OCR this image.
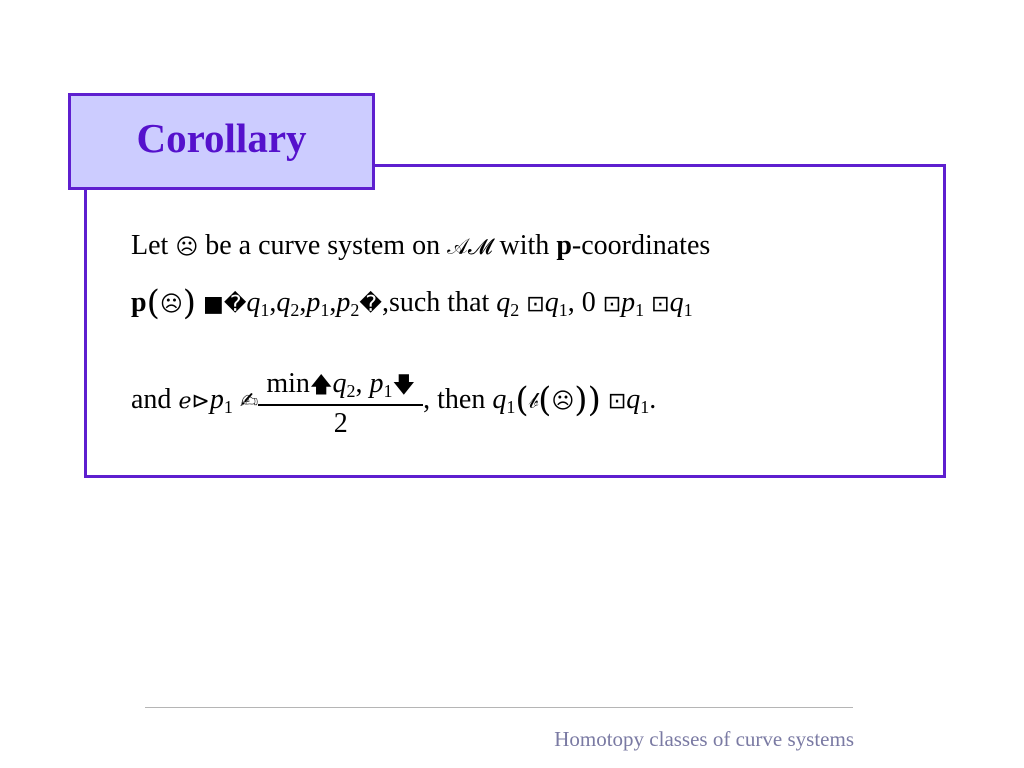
Corollary
Let ☹ be a curve system on 𝒜𝓜 with p-coordinates
p(☹) ■�q1,q2,p1,p2�,such that q2 ⊡q1, 0 ⊡p1 ⊡q1
and ℯ⊳p1 ✍ $\frac{\min🡅q2, p1🡇}{2}$ , then q1(𝒷(☹)) ⊡q1.
Homotopy classes of curve systems
